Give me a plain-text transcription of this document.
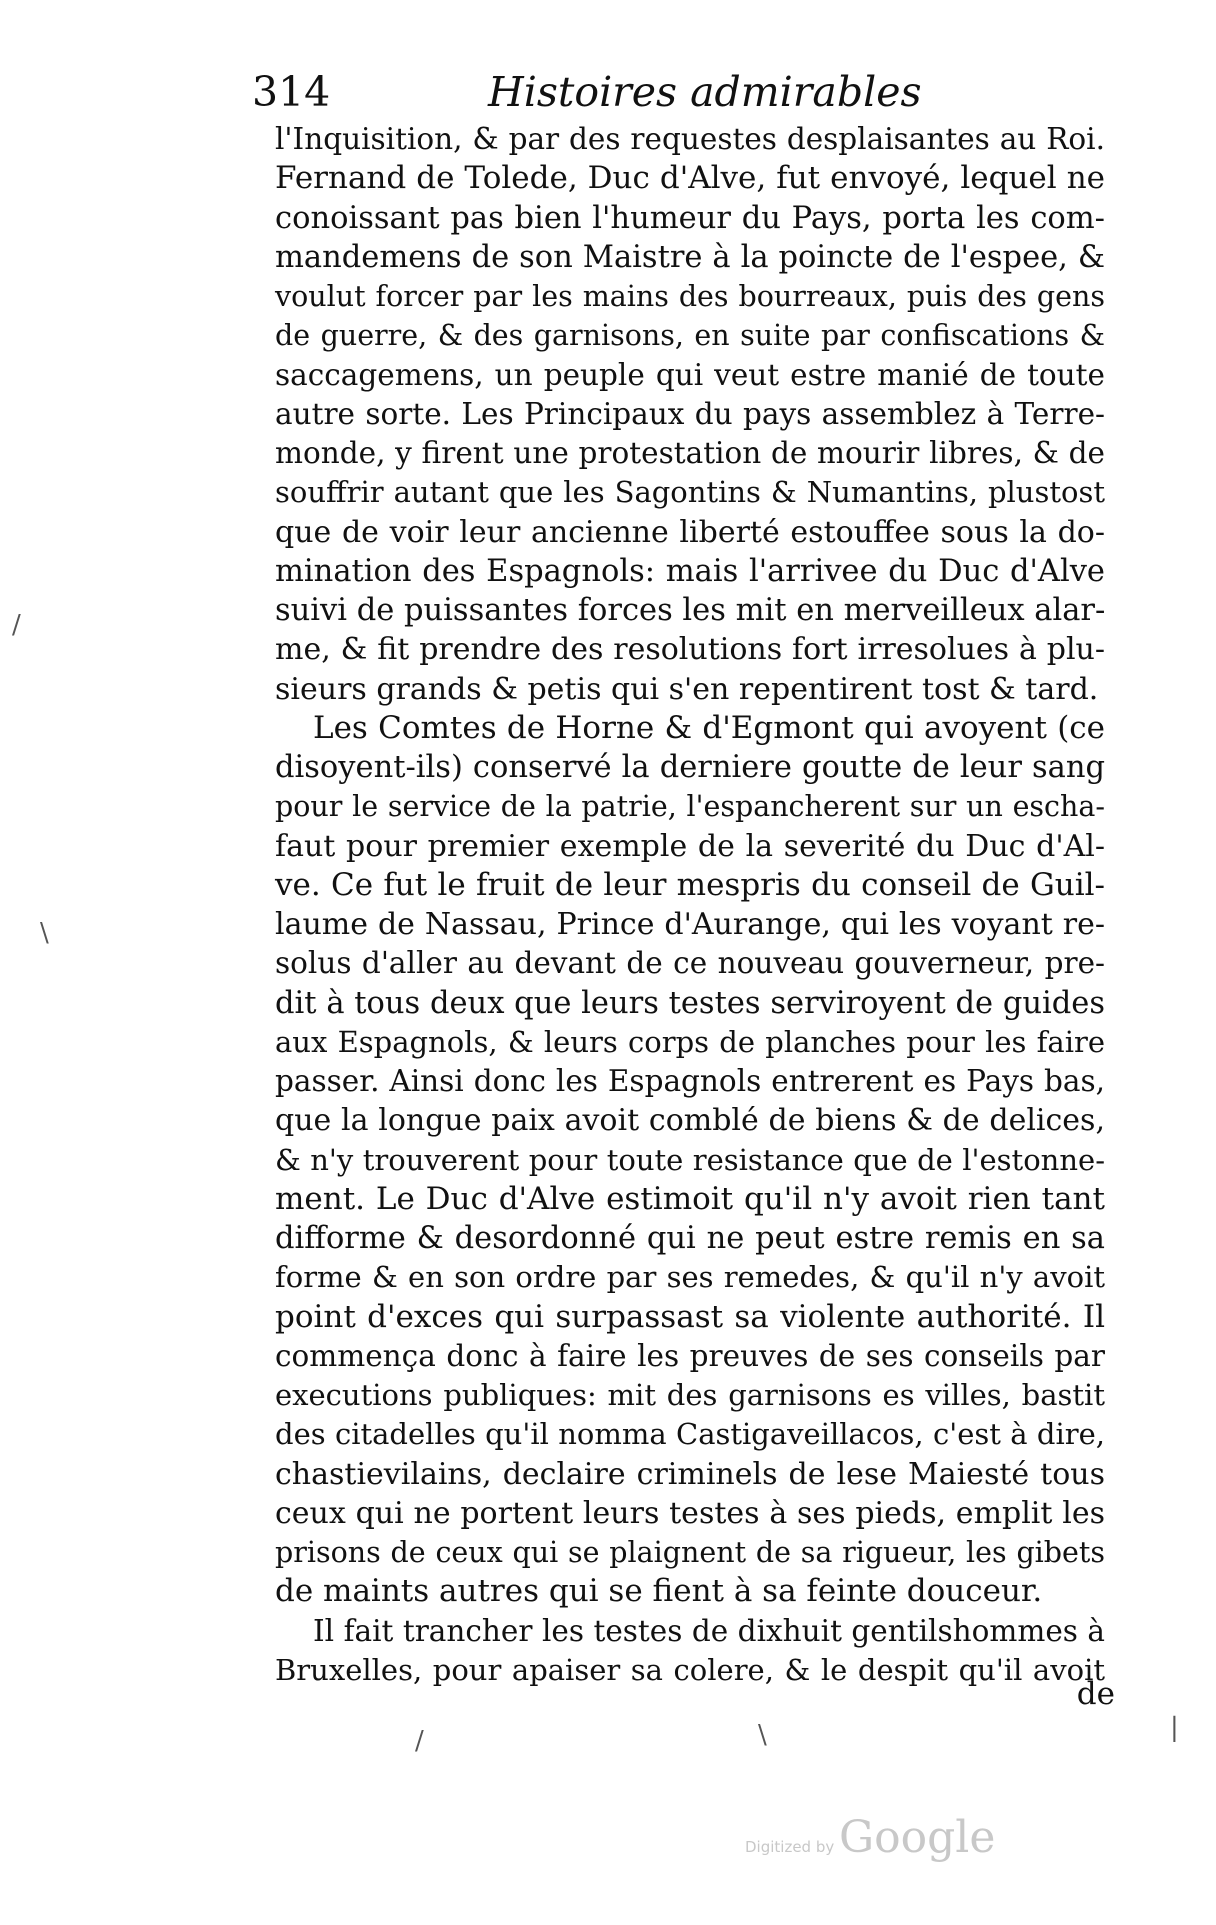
314	Histoires admirables
l'Inquisition, & par des requestes desplaisantes au Roi.
Fernand de Tolede, Duc d'Alve, fut envoyé, lequel ne
conoissant pas bien l'humeur du Pays, porta les com-
mandemens de son Maistre à la poincte de l'espee, &
voulut forcer par les mains des bourreaux, puis des gens
de guerre, & des garnisons, en suite par confiscations &
saccagemens, un peuple qui veut estre manié de toute
autre sorte. Les Principaux du pays assemblez à Terre-
monde, y firent une protestation de mourir libres, & de
souffrir autant que les Sagontins & Numantins, plustost
que de voir leur ancienne liberté estouffee sous la do-
mination des Espagnols: mais l'arrivee du Duc d'Alve
suivi de puissantes forces les mit en merveilleux alar-
me, & fit prendre des resolutions fort irresolues à plu-
sieurs grands & petis qui s'en repentirent tost & tard.
Les Comtes de Horne & d'Egmont qui avoyent (ce
disoyent-ils) conservé la derniere goutte de leur sang
pour le service de la patrie, l'espancherent sur un escha-
faut pour premier exemple de la severité du Duc d'Al-
ve. Ce fut le fruit de leur mespris du conseil de Guil-
laume de Nassau, Prince d'Aurange, qui les voyant re-
solus d'aller au devant de ce nouveau gouverneur, pre-
dit à tous deux que leurs testes serviroyent de guides
aux Espagnols, & leurs corps de planches pour les faire
passer. Ainsi donc les Espagnols entrerent es Pays bas,
que la longue paix avoit comblé de biens & de delices,
& n'y trouverent pour toute resistance que de l'estonne-
ment. Le Duc d'Alve estimoit qu'il n'y avoit rien tant
difforme & desordonné qui ne peut estre remis en sa
forme & en son ordre par ses remedes, & qu'il n'y avoit
point d'exces qui surpassast sa violente authorité. Il
commença donc à faire les preuves de ses conseils par
executions publiques: mit des garnisons es villes, bastit
des citadelles qu'il nomma Castigaveillacos, c'est à dire,
chastievilains, declaire criminels de lese Maiesté tous
ceux qui ne portent leurs testes à ses pieds, emplit les
prisons de ceux qui se plaignent de sa rigueur, les gibets
de maints autres qui se fient à sa feinte douceur.
Il fait trancher les testes de dixhuit gentilshommes à
Bruxelles, pour apaiser sa colere, & le despit qu'il avoit
de
/
\
/	\	|
Digitized by Google
